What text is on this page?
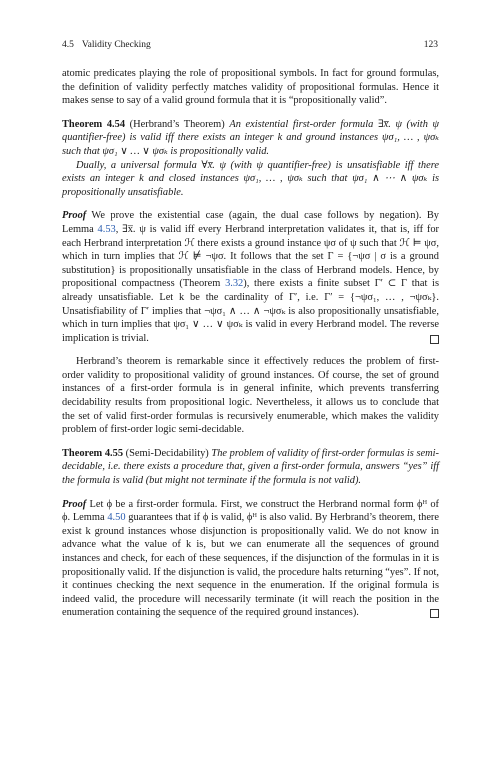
4.5 Validity Checking	123

atomic predicates playing the role of propositional symbols. In fact for ground formulas, the definition of validity perfectly matches validity of propositional formulas. Hence it makes sense to say of a valid ground formula that it is “propositionally valid”.

Theorem 4.54 (Herbrand’s Theorem) An existential first-order formula ∃x̅. ψ (with ψ quantifier-free) is valid iff there exists an integer k and ground instances ψσ₁, … , ψσₖ such that ψσ₁ ∨ … ∨ ψσₖ is propositionally valid.

Dually, a universal formula ∀x̅. ψ (with ψ quantifier-free) is unsatisfiable iff there exists an integer k and closed instances ψσ₁, … , ψσₖ such that ψσ₁ ∧ ⋯ ∧ ψσₖ is propositionally unsatisfiable.

Proof We prove the existential case (again, the dual case follows by negation). By Lemma 4.53, ∃x̅. ψ is valid iff every Herbrand interpretation validates it, that is, iff for each Herbrand interpretation ℋ there exists a ground instance ψσ of ψ such that ℋ ⊨ ψσ, which in turn implies that ℋ ⊭ ¬ψσ. It follows that the set Γ = {¬ψσ | σ is a ground substitution} is propositionally unsatisfiable in the class of Herbrand models. Hence, by propositional compactness (Theorem 3.32), there exists a finite subset Γ′ ⊂ Γ that is already unsatisfiable. Let k be the cardinality of Γ′, i.e. Γ′ = {¬ψσ₁, … , ¬ψσₖ}. Unsatisfiability of Γ′ implies that ¬ψσ₁ ∧ … ∧ ¬ψσₖ is also propositionally unsatisfiable, which in turn implies that ψσ₁ ∨ … ∨ ψσₖ is valid in every Herbrand model. The reverse implication is trivial.

Herbrand’s theorem is remarkable since it effectively reduces the problem of first-order validity to propositional validity of ground instances. Of course, the set of ground instances of a first-order formula is in general infinite, which prevents transferring decidability results from propositional logic. Nevertheless, it allows us to conclude that the set of valid first-order formulas is recursively enumerable, which makes the validity problem of first-order logic semi-decidable.

Theorem 4.55 (Semi-Decidability) The problem of validity of first-order formulas is semi-decidable, i.e. there exists a procedure that, given a first-order formula, answers “yes” iff the formula is valid (but might not terminate if the formula is not valid).

Proof Let ϕ be a first-order formula. First, we construct the Herbrand normal form ϕᴴ of ϕ. Lemma 4.50 guarantees that if ϕ is valid, ϕᴴ is also valid. By Herbrand’s theorem, there exist k ground instances whose disjunction is propositionally valid. We do not know in advance what the value of k is, but we can enumerate all the sequences of ground instances and check, for each of these sequences, if the disjunction of the formulas in it is propositionally valid. If the disjunction is valid, the procedure halts returning “yes”. If not, it continues checking the next sequence in the enumeration. If the original formula is indeed valid, the procedure will necessarily terminate (it will reach the position in the enumeration containing the sequence of the required ground instances).
